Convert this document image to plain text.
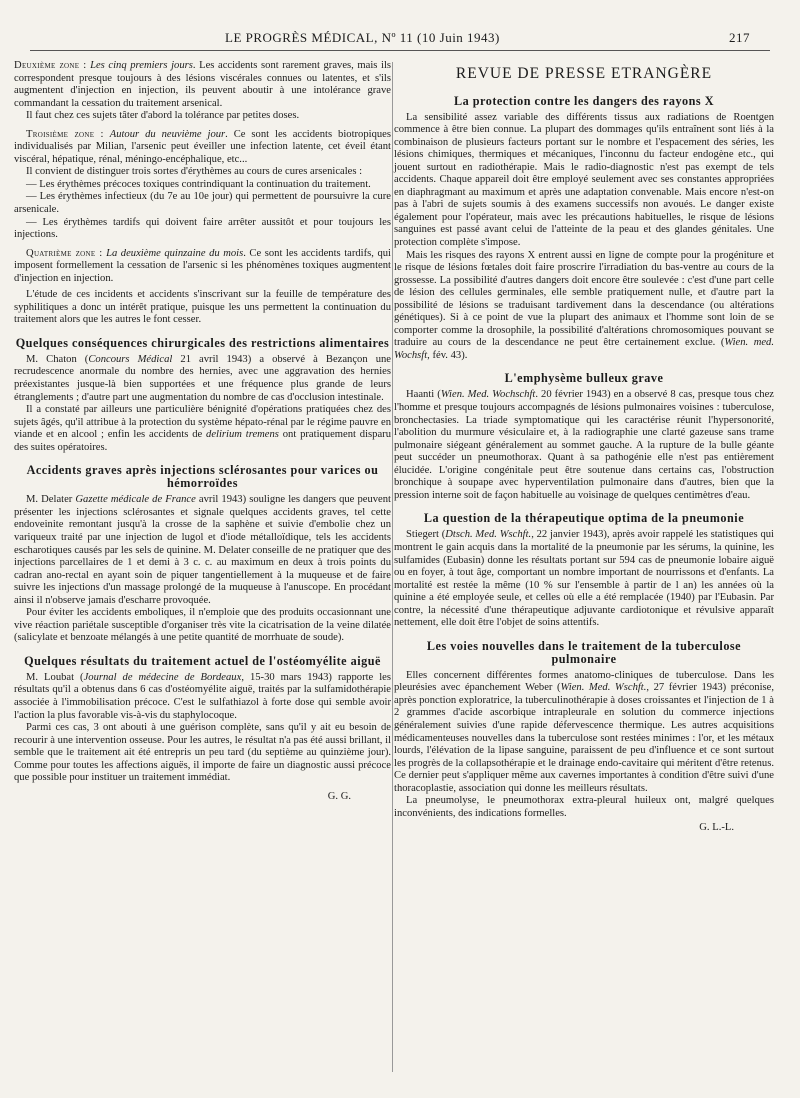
LE PROGRÈS MÉDICAL, Nº 11 (10 Juin 1943)	217

Deuxième zone : Les cinq premiers jours. Les accidents sont rarement graves, mais ils correspondent presque toujours à des lésions viscérales connues ou latentes, et s'ils augmentent d'injection en injection, ils peuvent aboutir à une intolérance grave commandant la cessation du traitement arsenical.

Il faut chez ces sujets tâter d'abord la tolérance par petites doses.

Troisième zone : Autour du neuvième jour. Ce sont les accidents biotropiques individualisés par Milian, l'arsenic peut éveiller une infection latente, cet éveil étant viscéral, hépatique, rénal, méningo-encéphalique, etc...

Il convient de distinguer trois sortes d'érythèmes au cours de cures arsenicales :

— Les érythèmes précoces toxiques contrindiquant la continuation du traitement.

— Les érythèmes infectieux (du 7e au 10e jour) qui permettent de poursuivre la cure arsenicale.

— Les érythèmes tardifs qui doivent faire arrêter aussitôt et pour toujours les injections.

Quatrième zone : La deuxième quinzaine du mois. Ce sont les accidents tardifs, qui imposent formellement la cessation de l'arsenic si les phénomènes toxiques augmentent d'injection en injection.

L'étude de ces incidents et accidents s'inscrivant sur la feuille de température des syphilitiques a donc un intérêt pratique, puisque les uns permettent la continuation du traitement alors que les autres le font cesser.

Quelques conséquences chirurgicales des restrictions alimentaires

M. Chaton (Concours Médical 21 avril 1943) a observé à Bezançon une recrudescence anormale du nombre des hernies, avec une aggravation des hernies préexistantes jusque-là bien supportées et une fréquence plus grande de leurs étranglements ; d'autre part une augmentation du nombre de cas d'occlusion intestinale.

Il a constaté par ailleurs une particulière bénignité d'opérations pratiquées chez des sujets âgés, qu'il attribue à la protection du système hépato-rénal par le régime pauvre en viande et en alcool ; enfin les accidents de delirium tremens ont pratiquement disparu des suites opératoires.

Accidents graves après injections sclérosantes pour varices ou hémorroïdes

M. Delater Gazette médicale de France avril 1943) souligne les dangers que peuvent présenter les injections sclérosantes et signale quelques accidents graves, tel cette endoveinite remontant jusqu'à la crosse de la saphène et suivie d'embolie chez un variqueux traité par une injection de lugol et d'iode métalloïdique, tels les accidents escharotiques causés par les sels de quinine. M. Delater conseille de ne pratiquer que des injections parcellaires de 1 et demi à 3 c. c. au maximum en deux à trois points du cadran ano-rectal en ayant soin de piquer tangentiellement à la muqueuse et de faire suivre les injections d'un massage prolongé de la muqueuse à l'anuscope. En procédant ainsi il n'observe jamais d'escharre provoquée.

Pour éviter les accidents emboliques, il n'emploie que des produits occasionnant une vive réaction pariétale susceptible d'organiser très vite la cicatrisation de la veine dilatée (salicylate et benzoate mélangés à une petite quantité de morrhuate de soude).

Quelques résultats du traitement actuel de l'ostéomyélite aiguë

M. Loubat (Journal de médecine de Bordeaux, 15-30 mars 1943) rapporte les résultats qu'il a obtenus dans 6 cas d'ostéomyélite aiguë, traités par la sulfamidothérapie associée à l'immobilisation précoce. C'est le sulfathiazol à forte dose qui semble avoir l'action la plus favorable vis-à-vis du staphylocoque.

Parmi ces cas, 3 ont abouti à une guérison complète, sans qu'il y ait eu besoin de recourir à une intervention osseuse. Pour les autres, le résultat n'a pas été aussi brillant, il semble que le traitement ait été entrepris un peu tard (du septième au quinzième jour). Comme pour toutes les affections aiguës, il importe de faire un diagnostic aussi précoce que possible pour instituer un traitement immédiat.

G. G.
REVUE DE PRESSE ETRANGÈRE
La protection contre les dangers des rayons X

La sensibilité assez variable des différents tissus aux radiations de Roentgen commence à être bien connue. La plupart des dommages qu'ils entraînent sont liés à la combinaison de plusieurs facteurs portant sur le nombre et l'espacement des séries, les lésions chimiques, thermiques et mécaniques, l'inconnu du facteur endogène etc., qui jouent surtout en radiothérapie. Mais le radio-diagnostic n'est pas exempt de tels accidents. Chaque appareil doit être employé seulement avec ses constantes appropriées en diaphragmant au maximum et après une adaptation convenable. Mais encore n'est-on pas à l'abri de sujets soumis à des examens successifs non avoués. Le danger existe également pour l'opérateur, mais avec les précautions habituelles, le risque de lésions sanguines est passé avant celui de l'atteinte de la peau et des glandes génitales. Une protection complète s'impose.

Mais les risques des rayons X entrent aussi en ligne de compte pour la progéniture et le risque de lésions fœtales doit faire proscrire l'irradiation du bas-ventre au cours de la grossesse. La possibilité d'autres dangers doit encore être soulevée : c'est d'une part celle de lésion des cellules germinales, elle semble pratiquement nulle, et d'autre part la possibilité de lésions se traduisant tardivement dans la descendance (ou altérations génétiques). Si à ce point de vue la plupart des animaux et l'homme sont loin de se comporter comme la drosophile, la possibilité d'altérations chromosomiques pouvant se traduire au cours de la descendance ne peut être certainement exclue. (Wien. med. Wochsft, fév. 43).

L'emphysème bulleux grave

Haanti (Wien. Med. Wochschft. 20 février 1943) en a observé 8 cas, presque tous chez l'homme et presque toujours accompagnés de lésions pulmonaires voisines : tuberculose, bronchectasies. La triade symptomatique qui les caractérise réunit l'hypersonorité, l'abolition du murmure vésiculaire et, à la radiographie une clarté gazeuse sans trame pulmonaire siégeant généralement au sommet gauche. A la rupture de la bulle géante peut succéder un pneumothorax. Quant à sa pathogénie elle n'est pas entièrement élucidée. L'origine congénitale peut être soutenue dans certains cas, l'obstruction bronchique à soupape avec hyperventilation pulmonaire dans d'autres, bien que la pression interne soit de façon habituelle au voisinage de quelques centimètres d'eau.

La question de la thérapeutique optima de la pneumonie

Stiegert (Dtsch. Med. Wschft., 22 janvier 1943), après avoir rappelé les statistiques qui montrent le gain acquis dans la mortalité de la pneumonie par les sérums, la quinine, les sulfamides (Eubasin) donne les résultats portant sur 594 cas de pneumonie lobaire aiguë ou en foyer, à tout âge, comportant un nombre important de nourrissons et d'enfants. La mortalité est restée la même (10 % sur l'ensemble à partir de l an) les années où la quinine a été employée seule, et celles où elle a été remplacée (1940) par l'Eubasin. Par contre, la nécessité d'une thérapeutique adjuvante cardiotonique et révulsive apparaît nettement, elle doit être l'objet de soins attentifs.

Les voies nouvelles dans le traitement de la tuberculose pulmonaire

Elles concernent différentes formes anatomo-cliniques de tuberculose. Dans les pleurésies avec épanchement Weber (Wien. Med. Wschft., 27 février 1943) préconise, après ponction exploratrice, la tuberculinothérapie à doses croissantes et l'injection de 1 à 2 grammes d'acide ascorbique intrapleurale en solution du commerce injections généralement suivies d'une rapide défervescence thermique. Les autres acquisitions médicamenteuses nouvelles dans la tuberculose sont restées minimes : l'or, et les métaux lourds, l'élévation de la lipase sanguine, paraissent de peu d'influence et ce sont surtout les progrès de la collapsothérapie et le drainage endo-cavitaire qui méritent d'être retenus. Ce dernier peut s'appliquer même aux cavernes importantes à condition d'être suivi d'une thoracoplastie, association qui donne les meilleurs résultats.

La pneumolyse, le pneumothorax extra-pleural huileux ont, malgré quelques inconvénients, des indications formelles.

G. L.-L.
